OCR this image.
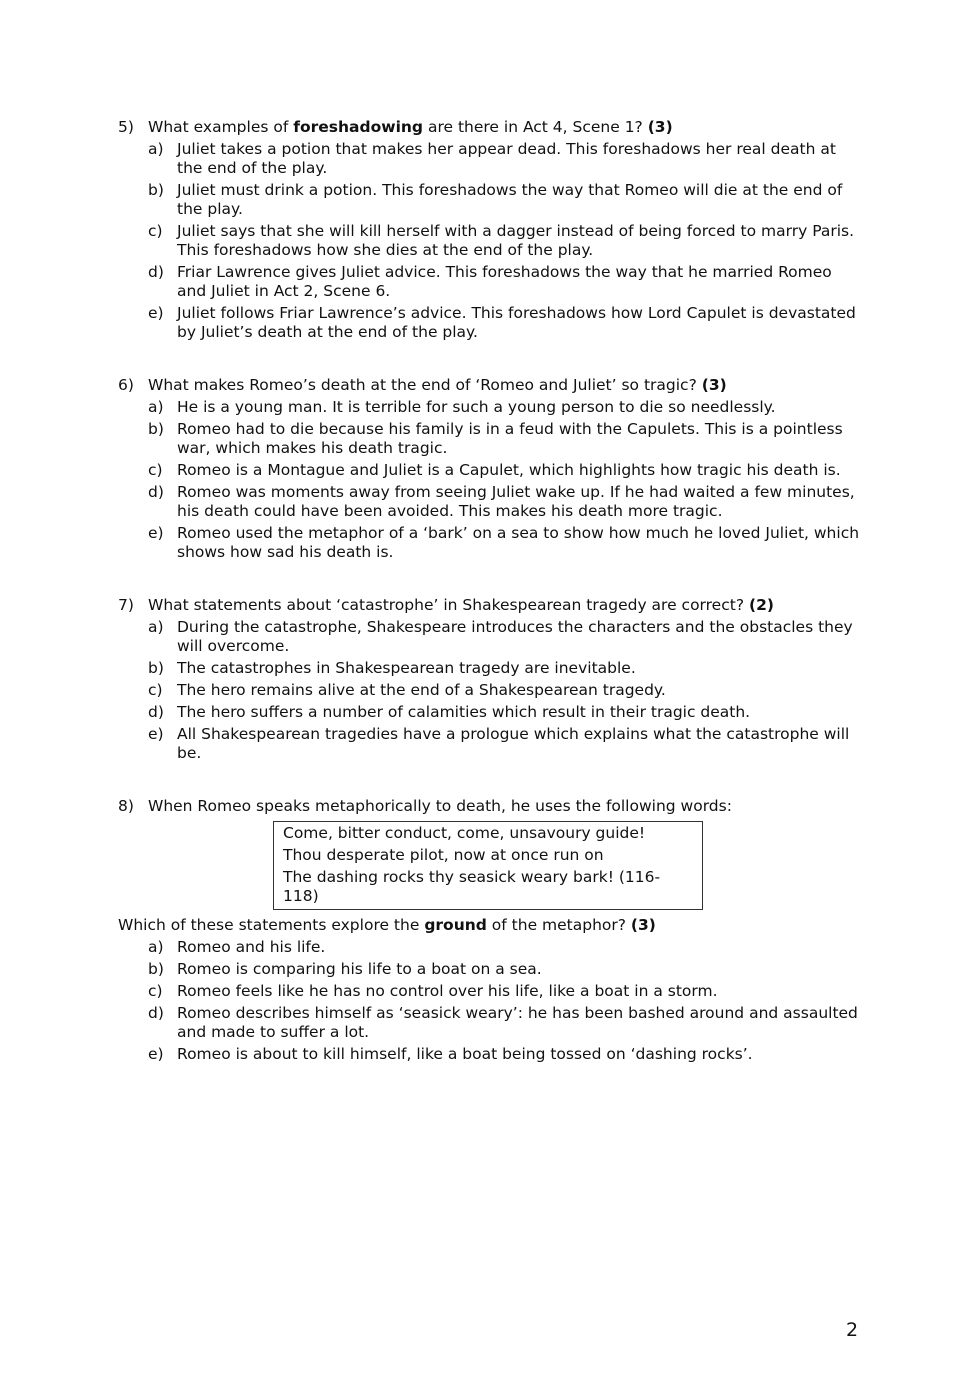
5) What examples of foreshadowing are there in Act 4, Scene 1? (3)
a) Juliet takes a potion that makes her appear dead. This foreshadows her real death at the end of the play.
b) Juliet must drink a potion. This foreshadows the way that Romeo will die at the end of the play.
c) Juliet says that she will kill herself with a dagger instead of being forced to marry Paris. This foreshadows how she dies at the end of the play.
d) Friar Lawrence gives Juliet advice. This foreshadows the way that he married Romeo and Juliet in Act 2, Scene 6.
e) Juliet follows Friar Lawrence’s advice. This foreshadows how Lord Capulet is devastated by Juliet’s death at the end of the play.
6) What makes Romeo’s death at the end of ‘Romeo and Juliet’ so tragic? (3)
a) He is a young man. It is terrible for such a young person to die so needlessly.
b) Romeo had to die because his family is in a feud with the Capulets. This is a pointless war, which makes his death tragic.
c) Romeo is a Montague and Juliet is a Capulet, which highlights how tragic his death is.
d) Romeo was moments away from seeing Juliet wake up. If he had waited a few minutes, his death could have been avoided. This makes his death more tragic.
e) Romeo used the metaphor of a ‘bark’ on a sea to show how much he loved Juliet, which shows how sad his death is.
7) What statements about ‘catastrophe’ in Shakespearean tragedy are correct? (2)
a) During the catastrophe, Shakespeare introduces the characters and the obstacles they will overcome.
b) The catastrophes in Shakespearean tragedy are inevitable.
c) The hero remains alive at the end of a Shakespearean tragedy.
d) The hero suffers a number of calamities which result in their tragic death.
e) All Shakespearean tragedies have a prologue which explains what the catastrophe will be.
8) When Romeo speaks metaphorically to death, he uses the following words:
Come, bitter conduct, come, unsavoury guide!
Thou desperate pilot, now at once run on
The dashing rocks thy seasick weary bark! (116-118)
Which of these statements explore the ground of the metaphor? (3)
a) Romeo and his life.
b) Romeo is comparing his life to a boat on a sea.
c) Romeo feels like he has no control over his life, like a boat in a storm.
d) Romeo describes himself as ‘seasick weary’: he has been bashed around and assaulted and made to suffer a lot.
e) Romeo is about to kill himself, like a boat being tossed on ‘dashing rocks’.
2
